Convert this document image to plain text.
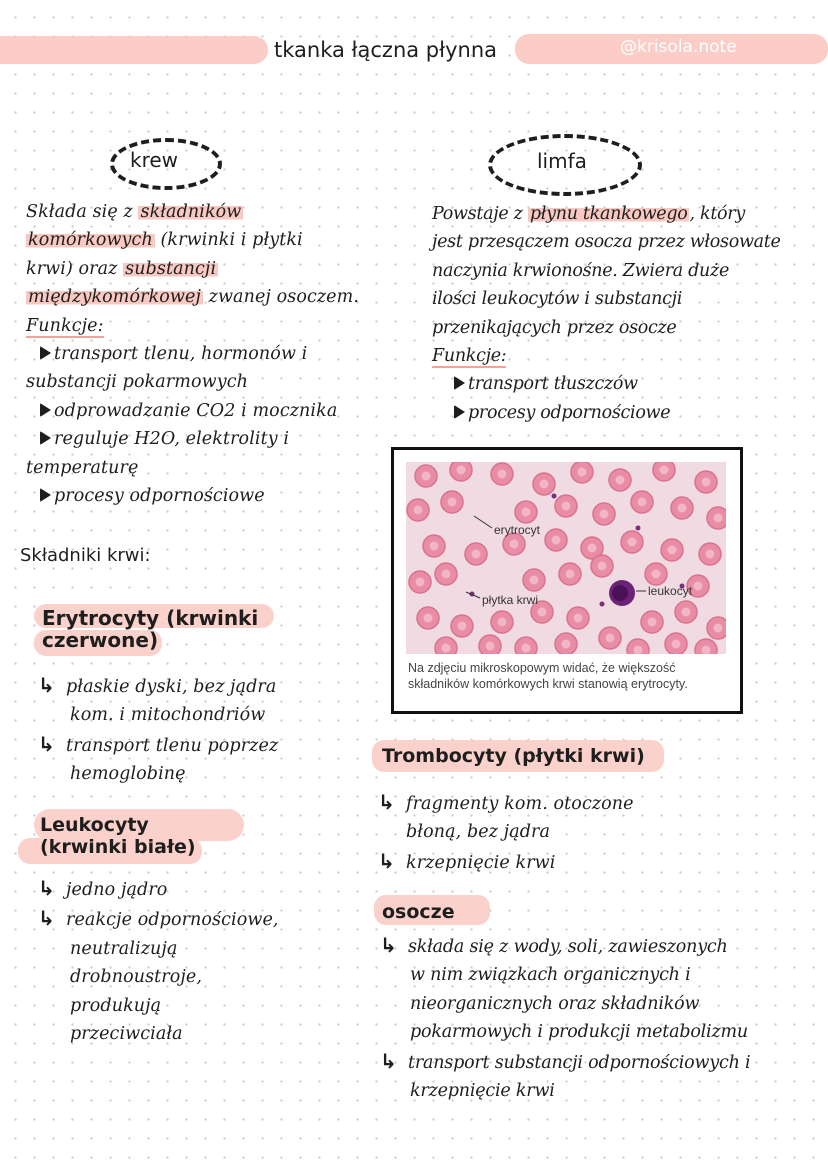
tkanka łączna płynna	@krisola.note
krew
Składa się z składników
komórkowych (krwinki i płytki
krwi) oraz substancji
międzykomórkowej zwanej osoczem.
Funkcje:
transport tlenu, hormonów i
substancji pokarmowych
odprowadzanie CO2 i mocznika
reguluje H2O, elektrolity i
temperaturę
procesy odpornościowe
limfa
Powstaje z płynu tkankowego , który
jest przesączem osocza przez włosowate
naczynia krwionośne. Zwiera duże
ilości leukocytów i substancji
przenikających przez osocze
Funkcje:
transport tłuszczów
procesy odpornościowe
erytrocyt
płytka krwi
leukocyt
Na zdjęciu mikroskopowym widać, że większość
składników komórkowych krwi stanowią erytrocyty.
Składniki krwi:
Erytrocyty (krwinki
czerwone)
↳ płaskie dyski, bez jądra
kom. i mitochondriów
↳ transport tlenu poprzez
hemoglobinę
Leukocyty
(krwinki białe)
↳ jedno jądro
↳ reakcje odpornościowe,
neutralizują
drobnoustroje,
produkują
przeciwciała
Trombocyty (płytki krwi)
↳ fragmenty kom. otoczone
błoną, bez jądra
↳ krzepnięcie krwi
osocze
↳ składa się z wody, soli, zawieszonych
w nim związkach organicznych i
nieorganicznych oraz składników
pokarmowych i produkcji metabolizmu
↳ transport substancji odpornościowych i
krzepnięcie krwi
